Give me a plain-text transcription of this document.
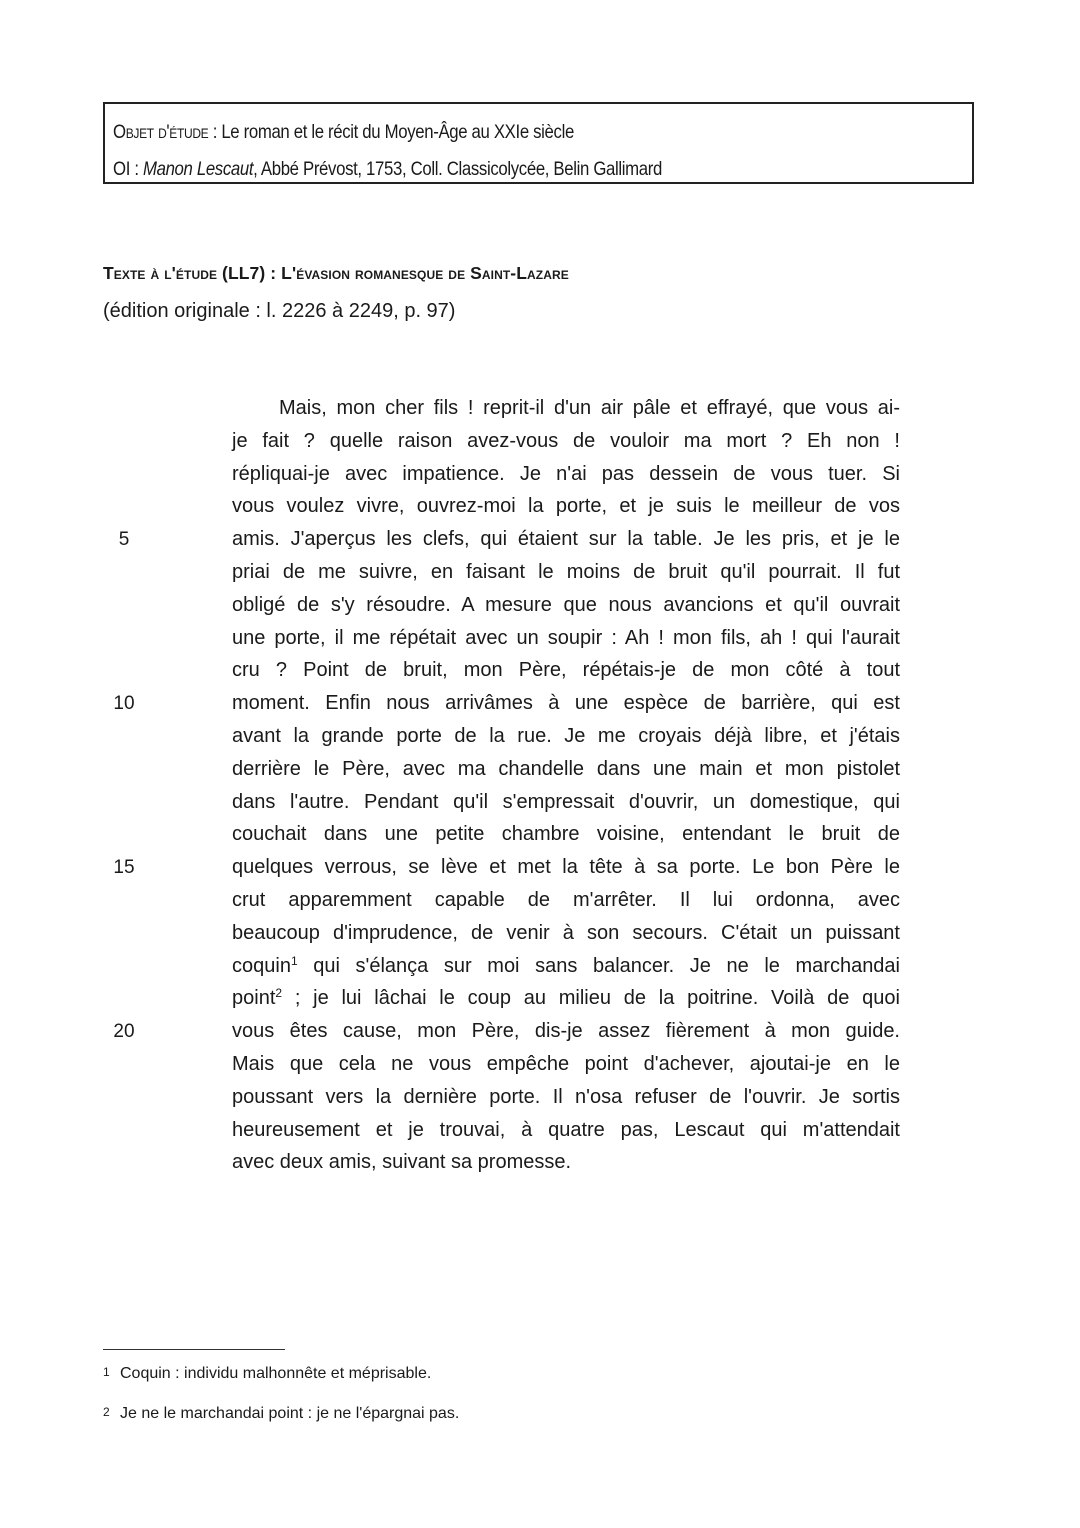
Objet d'étude : Le roman et le récit du Moyen-Âge au XXIe siècle
OI : Manon Lescaut, Abbé Prévost, 1753, Coll. Classicolycée, Belin Gallimard
Texte à l'étude (LL7) : L'évasion romanesque de Saint-Lazare
(édition originale : l. 2226 à 2249, p. 97)
5
10
15
20
Mais, mon cher fils ! reprit-il d'un air pâle et effrayé, que vous ai-
je fait ? quelle raison avez-vous de vouloir ma mort ? Eh non !
répliquai-je avec impatience. Je n'ai pas dessein de vous tuer. Si
vous voulez vivre, ouvrez-moi la porte, et je suis le meilleur de vos
amis. J'aperçus les clefs, qui étaient sur la table. Je les pris, et je le
priai de me suivre, en faisant le moins de bruit qu'il pourrait. Il fut
obligé de s'y résoudre. A mesure que nous avancions et qu'il ouvrait
une porte, il me répétait avec un soupir : Ah ! mon fils, ah ! qui l'aurait
cru ? Point de bruit, mon Père, répétais-je de mon côté à tout
moment. Enfin nous arrivâmes à une espèce de barrière, qui est
avant la grande porte de la rue. Je me croyais déjà libre, et j'étais
derrière le Père, avec ma chandelle dans une main et mon pistolet
dans l'autre. Pendant qu'il s'empressait d'ouvrir, un domestique, qui
couchait dans une petite chambre voisine, entendant le bruit de
quelques verrous, se lève et met la tête à sa porte. Le bon Père le
crut apparemment capable de m'arrêter. Il lui ordonna, avec
beaucoup d'imprudence, de venir à son secours. C'était un puissant
coquin$^1$ qui s'élança sur moi sans balancer. Je ne le marchandai
point$^2$ ; je lui lâchai le coup au milieu de la poitrine. Voilà de quoi
vous êtes cause, mon Père, dis-je assez fièrement à mon guide.
Mais que cela ne vous empêche point d'achever, ajoutai-je en le
poussant vers la dernière porte. Il n'osa refuser de l'ouvrir. Je sortis
heureusement et je trouvai, à quatre pas, Lescaut qui m'attendait
avec deux amis, suivant sa promesse.
1 Coquin : individu malhonnête et méprisable.
2 Je ne le marchandai point : je ne l'épargnai pas.
